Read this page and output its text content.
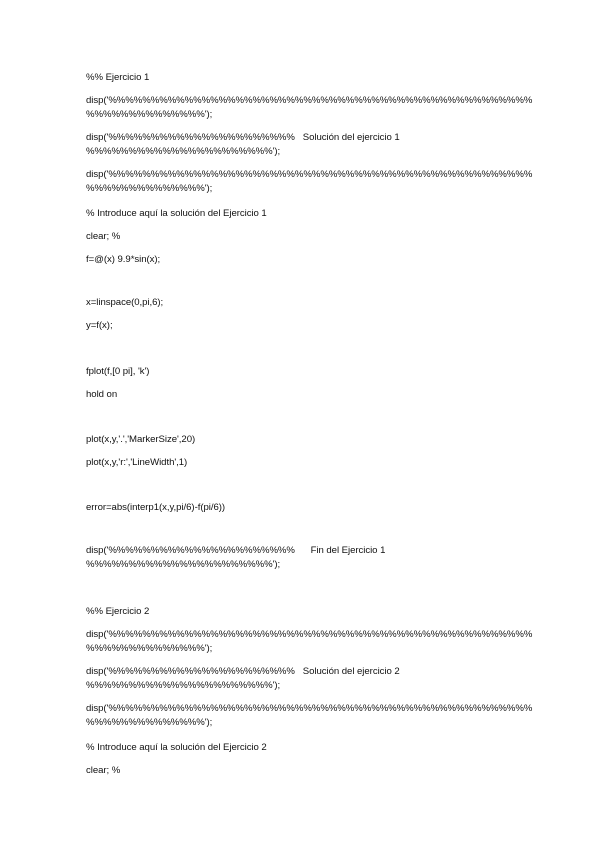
%% Ejercicio 1
disp('%%%%%%%%%%%%%%%%%%%%%%%%%%%%%%%%%%%%%%%%%%%%%%%%%%
%%%%%%%%%%%%%%');
disp('%%%%%%%%%%%%%%%%%%%%%%   Solución del ejercicio 1
%%%%%%%%%%%%%%%%%%%%%%');
disp('%%%%%%%%%%%%%%%%%%%%%%%%%%%%%%%%%%%%%%%%%%%%%%%%%%
%%%%%%%%%%%%%%');
% Introduce aquí la solución del Ejercicio 1
clear; %
f=@(x) 9.9*sin(x);
x=linspace(0,pi,6);
y=f(x);
fplot(f,[0 pi], 'k')
hold on
plot(x,y,'.','MarkerSize',20)
plot(x,y,'r:','LineWidth',1)
error=abs(interp1(x,y,pi/6)-f(pi/6))
disp('%%%%%%%%%%%%%%%%%%%%%%      Fin del Ejercicio 1
%%%%%%%%%%%%%%%%%%%%%%');
%% Ejercicio 2
disp('%%%%%%%%%%%%%%%%%%%%%%%%%%%%%%%%%%%%%%%%%%%%%%%%%%
%%%%%%%%%%%%%%');
disp('%%%%%%%%%%%%%%%%%%%%%%   Solución del ejercicio 2
%%%%%%%%%%%%%%%%%%%%%%');
disp('%%%%%%%%%%%%%%%%%%%%%%%%%%%%%%%%%%%%%%%%%%%%%%%%%%
%%%%%%%%%%%%%%');
% Introduce aquí la solución del Ejercicio 2
clear; %
